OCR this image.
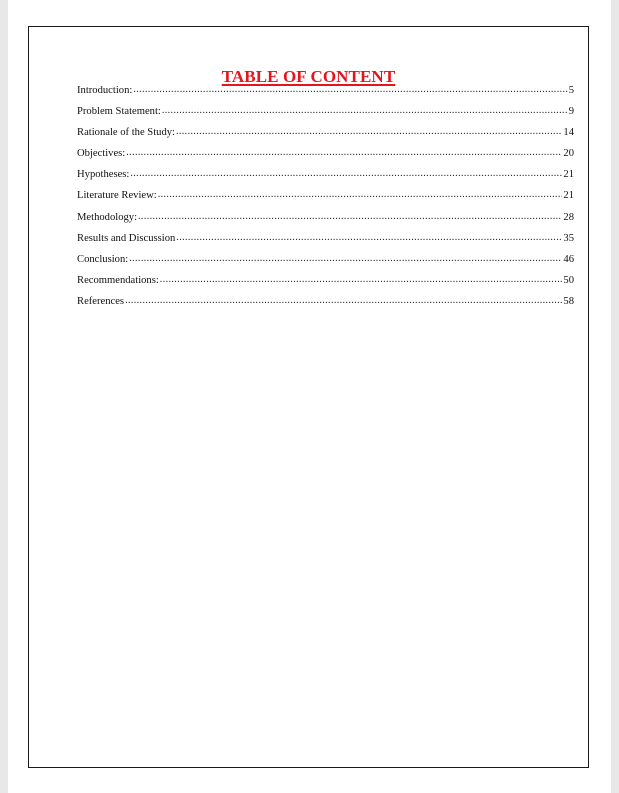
TABLE OF CONTENT
Introduction: .....	5
Problem Statement: .....	9
Rationale of the Study: .....	14
Objectives: .....	20
Hypotheses: .....	21
Literature Review: .....	21
Methodology: .....	28
Results and Discussion .....	35
Conclusion: .....	46
Recommendations: .....	50
References .....	58
